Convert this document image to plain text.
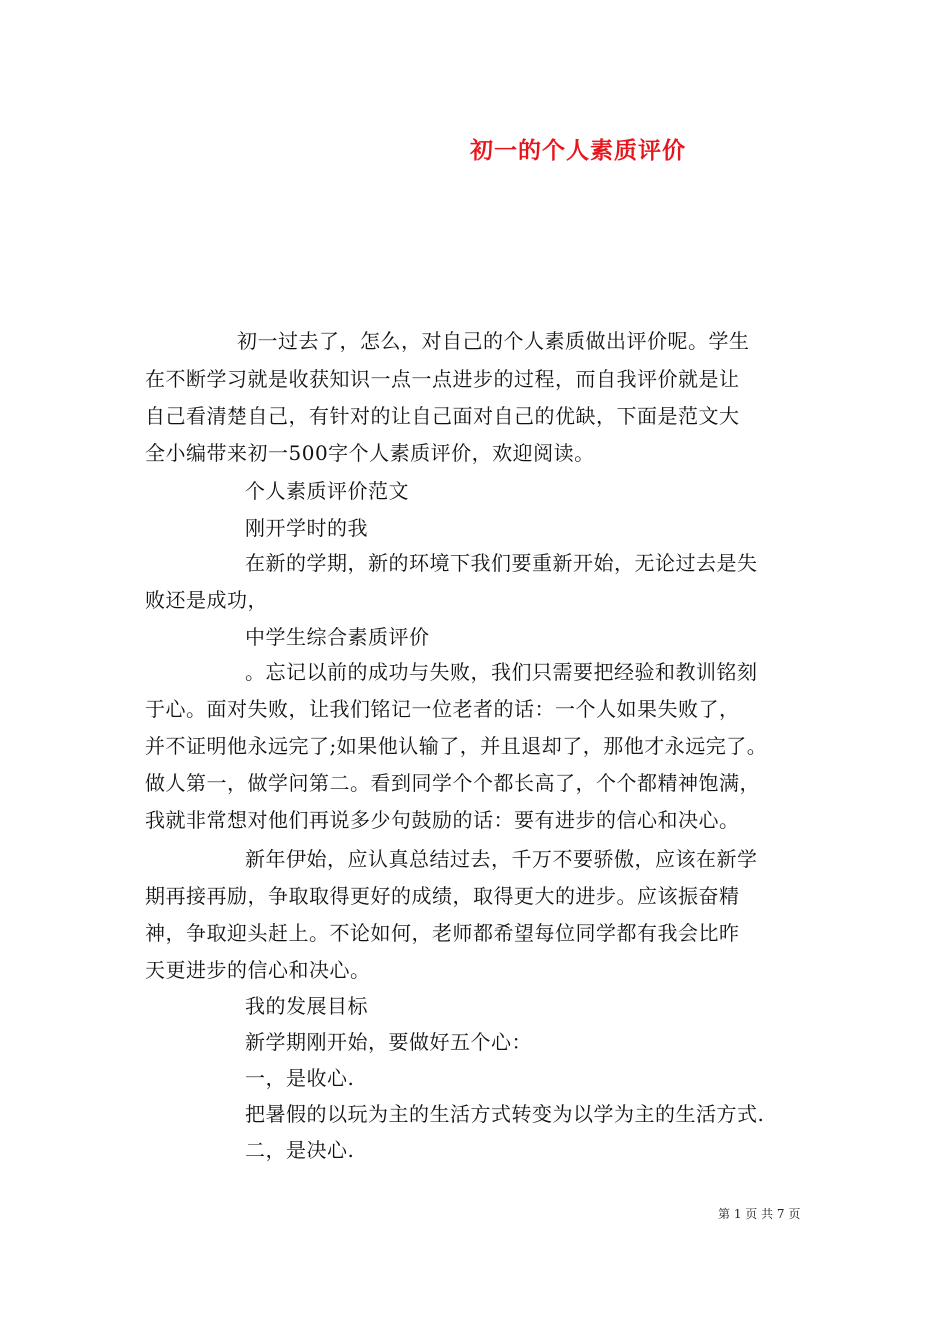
初一的个人素质评价
初一过去了，怎么，对自己的个人素质做出评价呢。学生
在不断学习就是收获知识一点一点进步的过程，而自我评价就是让
自己看清楚自己，有针对的让自己面对自己的优缺，下面是范文大
全小编带来初一500字个人素质评价，欢迎阅读。
个人素质评价范文
刚开学时的我
在新的学期，新的环境下我们要重新开始，无论过去是失
败还是成功，
中学生综合素质评价
。忘记以前的成功与失败，我们只需要把经验和教训铭刻
于心。面对失败，让我们铭记一位老者的话：一个人如果失败了，
并不证明他永远完了;如果他认输了，并且退却了，那他才永远完了。
做人第一，做学问第二。看到同学个个都长高了，个个都精神饱满，
我就非常想对他们再说多少句鼓励的话：要有进步的信心和决心。
新年伊始，应认真总结过去，千万不要骄傲，应该在新学
期再接再励，争取取得更好的成绩，取得更大的进步。应该振奋精
神，争取迎头赶上。不论如何，老师都希望每位同学都有我会比昨
天更进步的信心和决心。
我的发展目标
新学期刚开始，要做好五个心：
一，是收心.
把暑假的以玩为主的生活方式转变为以学为主的生活方式.
二，是决心.
第 1 页 共 7 页
